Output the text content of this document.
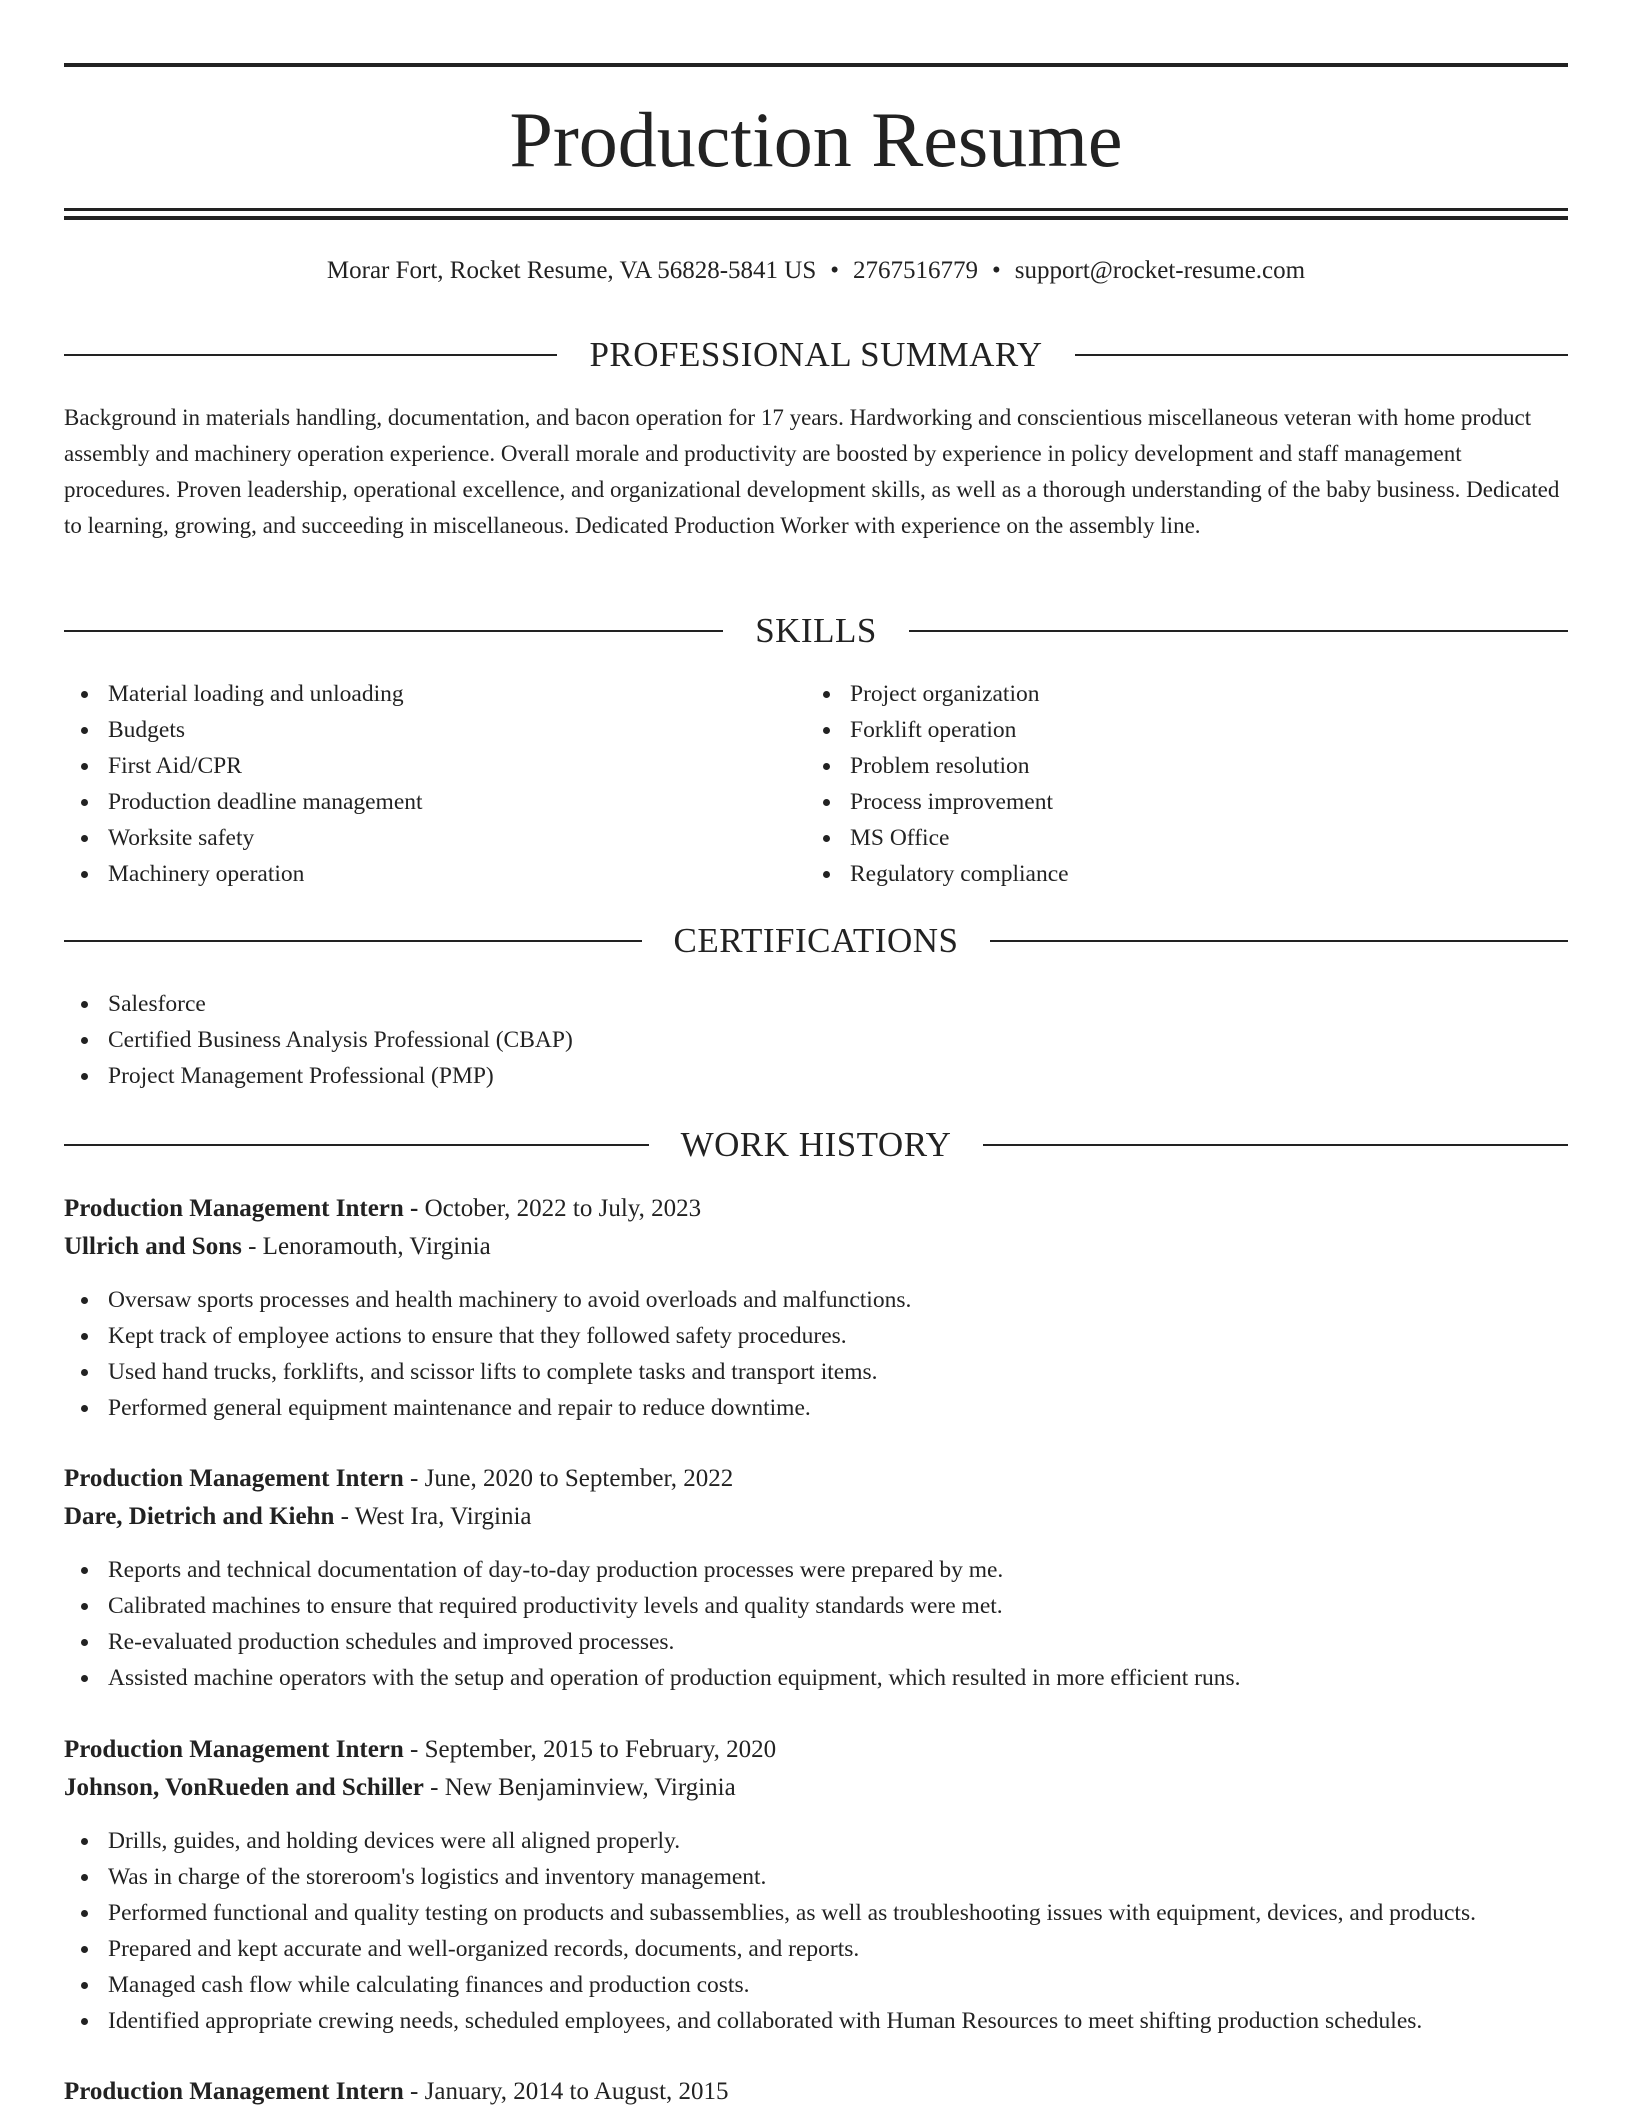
Production Resume
Morar Fort, Rocket Resume, VA 56828-5841 US • 2767516779 • support@rocket-resume.com
PROFESSIONAL SUMMARY

Background in materials handling, documentation, and bacon operation for 17 years. Hardworking and conscientious miscellaneous veteran with home product assembly and machinery operation experience. Overall morale and productivity are boosted by experience in policy development and staff management procedures. Proven leadership, operational excellence, and organizational development skills, as well as a thorough understanding of the baby business. Dedicated to learning, growing, and succeeding in miscellaneous. Dedicated Production Worker with experience on the assembly line.

SKILLS
Material loading and unloading
Budgets
First Aid/CPR
Production deadline management
Worksite safety
Machinery operation
Project organization
Forklift operation
Problem resolution
Process improvement
MS Office
Regulatory compliance
CERTIFICATIONS
Salesforce
Certified Business Analysis Professional (CBAP)
Project Management Professional (PMP)
WORK HISTORY
Production Management Intern - October, 2022 to July, 2023
Ullrich and Sons - Lenoramouth, Virginia
Oversaw sports processes and health machinery to avoid overloads and malfunctions.
Kept track of employee actions to ensure that they followed safety procedures.
Used hand trucks, forklifts, and scissor lifts to complete tasks and transport items.
Performed general equipment maintenance and repair to reduce downtime.
Production Management Intern - June, 2020 to September, 2022
Dare, Dietrich and Kiehn - West Ira, Virginia
Reports and technical documentation of day-to-day production processes were prepared by me.
Calibrated machines to ensure that required productivity levels and quality standards were met.
Re-evaluated production schedules and improved processes.
Assisted machine operators with the setup and operation of production equipment, which resulted in more efficient runs.
Production Management Intern - September, 2015 to February, 2020
Johnson, VonRueden and Schiller - New Benjaminview, Virginia
Drills, guides, and holding devices were all aligned properly.
Was in charge of the storeroom's logistics and inventory management.
Performed functional and quality testing on products and subassemblies, as well as troubleshooting issues with equipment, devices, and products.
Prepared and kept accurate and well-organized records, documents, and reports.
Managed cash flow while calculating finances and production costs.
Identified appropriate crewing needs, scheduled employees, and collaborated with Human Resources to meet shifting production schedules.
Production Management Intern - January, 2014 to August, 2015
